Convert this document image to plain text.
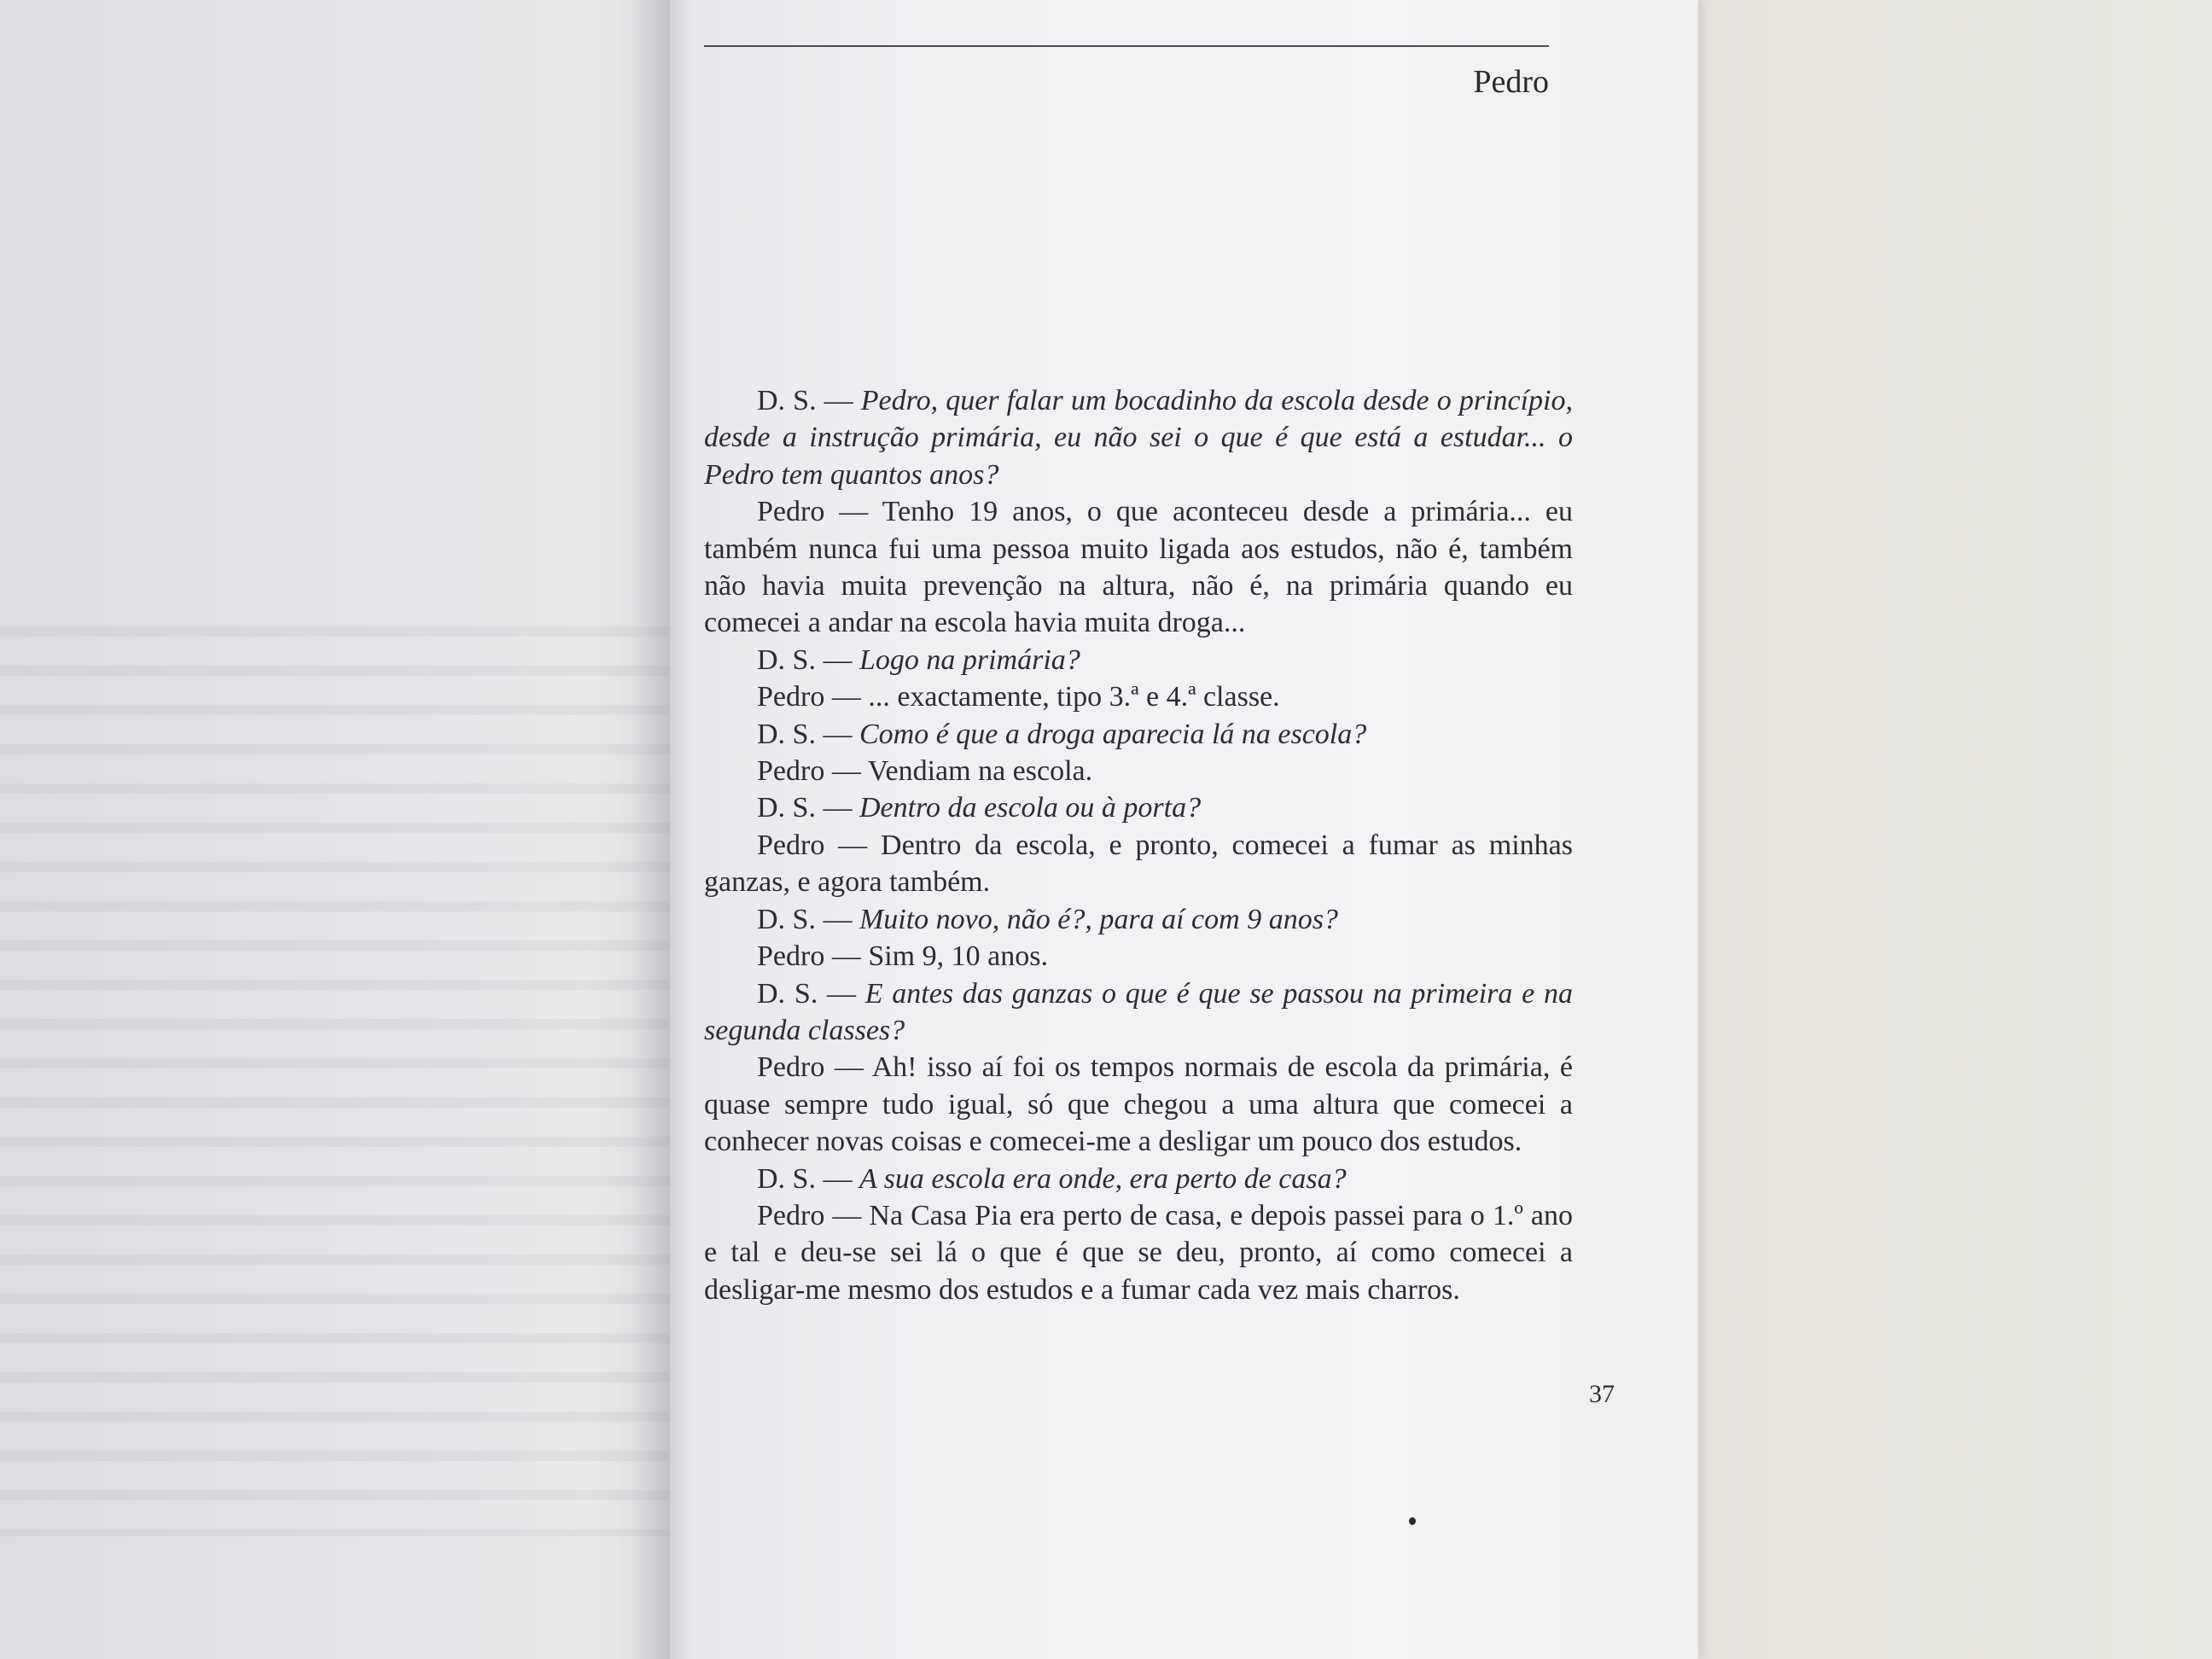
Pedro

D. S. — Pedro, quer falar um bocadinho da escola desde o princípio, desde a instrução primária, eu não sei o que é que está a estudar... o Pedro tem quantos anos?

Pedro — Tenho 19 anos, o que aconteceu desde a primária... eu também nunca fui uma pessoa muito ligada aos estudos, não é, também não havia muita prevenção na altura, não é, na primária quando eu comecei a andar na escola havia muita droga...

D. S. — Logo na primária?

Pedro — ... exactamente, tipo 3.ª e 4.ª classe.

D. S. — Como é que a droga aparecia lá na escola?

Pedro — Vendiam na escola.

D. S. — Dentro da escola ou à porta?

Pedro — Dentro da escola, e pronto, comecei a fumar as minhas ganzas, e agora também.

D. S. — Muito novo, não é?, para aí com 9 anos?

Pedro — Sim 9, 10 anos.

D. S. — E antes das ganzas o que é que se passou na primeira e na segunda classes?

Pedro — Ah! isso aí foi os tempos normais de escola da primária, é quase sempre tudo igual, só que chegou a uma altura que comecei a conhecer novas coisas e comecei-me a desligar um pouco dos estudos.

D. S. — A sua escola era onde, era perto de casa?

Pedro — Na Casa Pia era perto de casa, e depois passei para o 1.º ano e tal e deu-se sei lá o que é que se deu, pronto, aí como comecei a desligar-me mesmo dos estudos e a fumar cada vez mais charros.

37
